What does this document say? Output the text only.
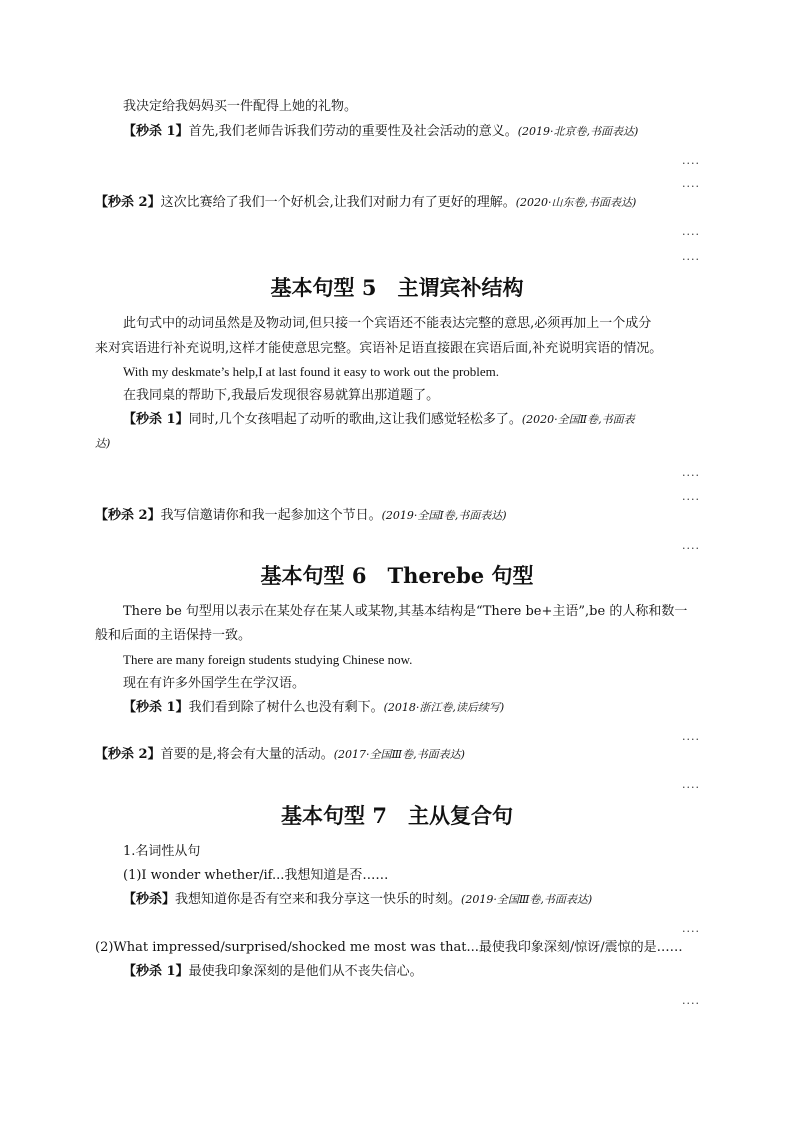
我决定给我妈妈买一件配得上她的礼物。
【秒杀 1】首先,我们老师告诉我们劳动的重要性及社会活动的意义。(2019·北京卷,书面表达)
....
....
【秒杀 2】这次比赛给了我们一个好机会,让我们对耐力有了更好的理解。(2020·山东卷,书面表达)
....
....
基本句型 5　主谓宾补结构
此句式中的动词虽然是及物动词,但只接一个宾语还不能表达完整的意思,必须再加上一个成分
来对宾语进行补充说明,这样才能使意思完整。宾语补足语直接跟在宾语后面,补充说明宾语的情况。
With my deskmate’s help,I at last found it easy to work out the problem.
在我同桌的帮助下,我最后发现很容易就算出那道题了。
【秒杀 1】同时,几个女孩唱起了动听的歌曲,这让我们感觉轻松多了。(2020·全国Ⅱ卷,书面表
达)
....
....
【秒杀 2】我写信邀请你和我一起参加这个节日。(2019·全国Ⅰ卷,书面表达)
....
基本句型 6　Therebe 句型
There be 句型用以表示在某处存在某人或某物,其基本结构是“There be+主语”,be 的人称和数一
般和后面的主语保持一致。
There are many foreign students studying Chinese now.
现在有许多外国学生在学汉语。
【秒杀 1】我们看到除了树什么也没有剩下。(2018·浙江卷,读后续写)
....
【秒杀 2】首要的是,将会有大量的活动。(2017·全国Ⅲ卷,书面表达)
....
基本句型 7　主从复合句
1.名词性从句
(1)I wonder whether/if...我想知道是否……
【秒杀】我想知道你是否有空来和我分享这一快乐的时刻。(2019·全国Ⅲ卷,书面表达)
....
(2)What impressed/surprised/shocked me most was that...最使我印象深刻/惊讶/震惊的是……
【秒杀 1】最使我印象深刻的是他们从不丧失信心。
....
